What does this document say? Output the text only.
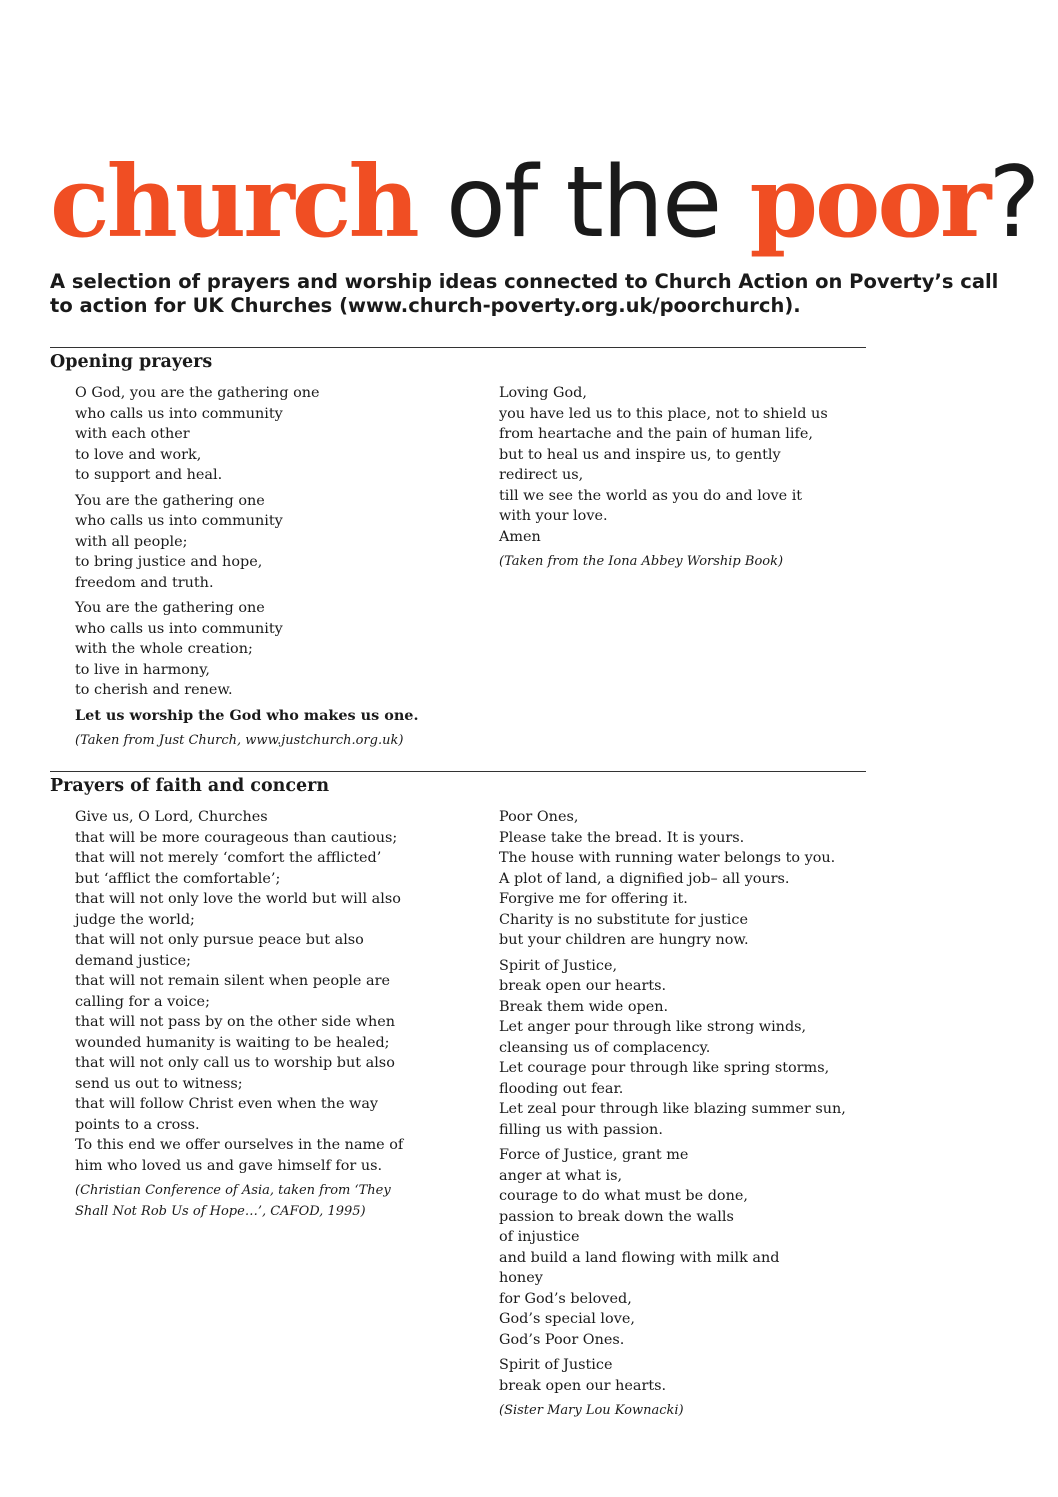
church of the poor?
A selection of prayers and worship ideas connected to Church Action on Poverty’s call to action for UK Churches (www.church-poverty.org.uk/poorchurch).
Opening prayers

O God, you are the gathering one
who calls us into community
with each other
to love and work,
to support and heal.

You are the gathering one
who calls us into community
with all people;
to bring justice and hope,
freedom and truth.

You are the gathering one
who calls us into community
with the whole creation;
to live in harmony,
to cherish and renew.

Let us worship the God who makes us one.

(Taken from Just Church, www.justchurch.org.uk)

Loving God,
you have led us to this place, not to shield us
from heartache and the pain of human life,
but to heal us and inspire us, to gently
redirect us,
till we see the world as you do and love it
with your love.
Amen

(Taken from the Iona Abbey Worship Book)

Prayers of faith and concern

Give us, O Lord, Churches
that will be more courageous than cautious;
that will not merely ‘comfort the afflicted’
but ‘afflict the comfortable’;
that will not only love the world but will also
judge the world;
that will not only pursue peace but also
demand justice;
that will not remain silent when people are
calling for a voice;
that will not pass by on the other side when
wounded humanity is waiting to be healed;
that will not only call us to worship but also
send us out to witness;
that will follow Christ even when the way
points to a cross.
To this end we offer ourselves in the name of
him who loved us and gave himself for us.

(Christian Conference of Asia, taken from ‘They
Shall Not Rob Us of Hope…’, CAFOD, 1995)

Poor Ones,
Please take the bread. It is yours.
The house with running water belongs to you.
A plot of land, a dignified job– all yours.
Forgive me for offering it.
Charity is no substitute for justice
but your children are hungry now.

Spirit of Justice,
break open our hearts.
Break them wide open.
Let anger pour through like strong winds,
cleansing us of complacency.
Let courage pour through like spring storms,
flooding out fear.
Let zeal pour through like blazing summer sun,
filling us with passion.

Force of Justice, grant me
anger at what is,
courage to do what must be done,
passion to break down the walls
of injustice
and build a land flowing with milk and
honey
for God’s beloved,
God’s special love,
God’s Poor Ones.

Spirit of Justice
break open our hearts.

(Sister Mary Lou Kownacki)
